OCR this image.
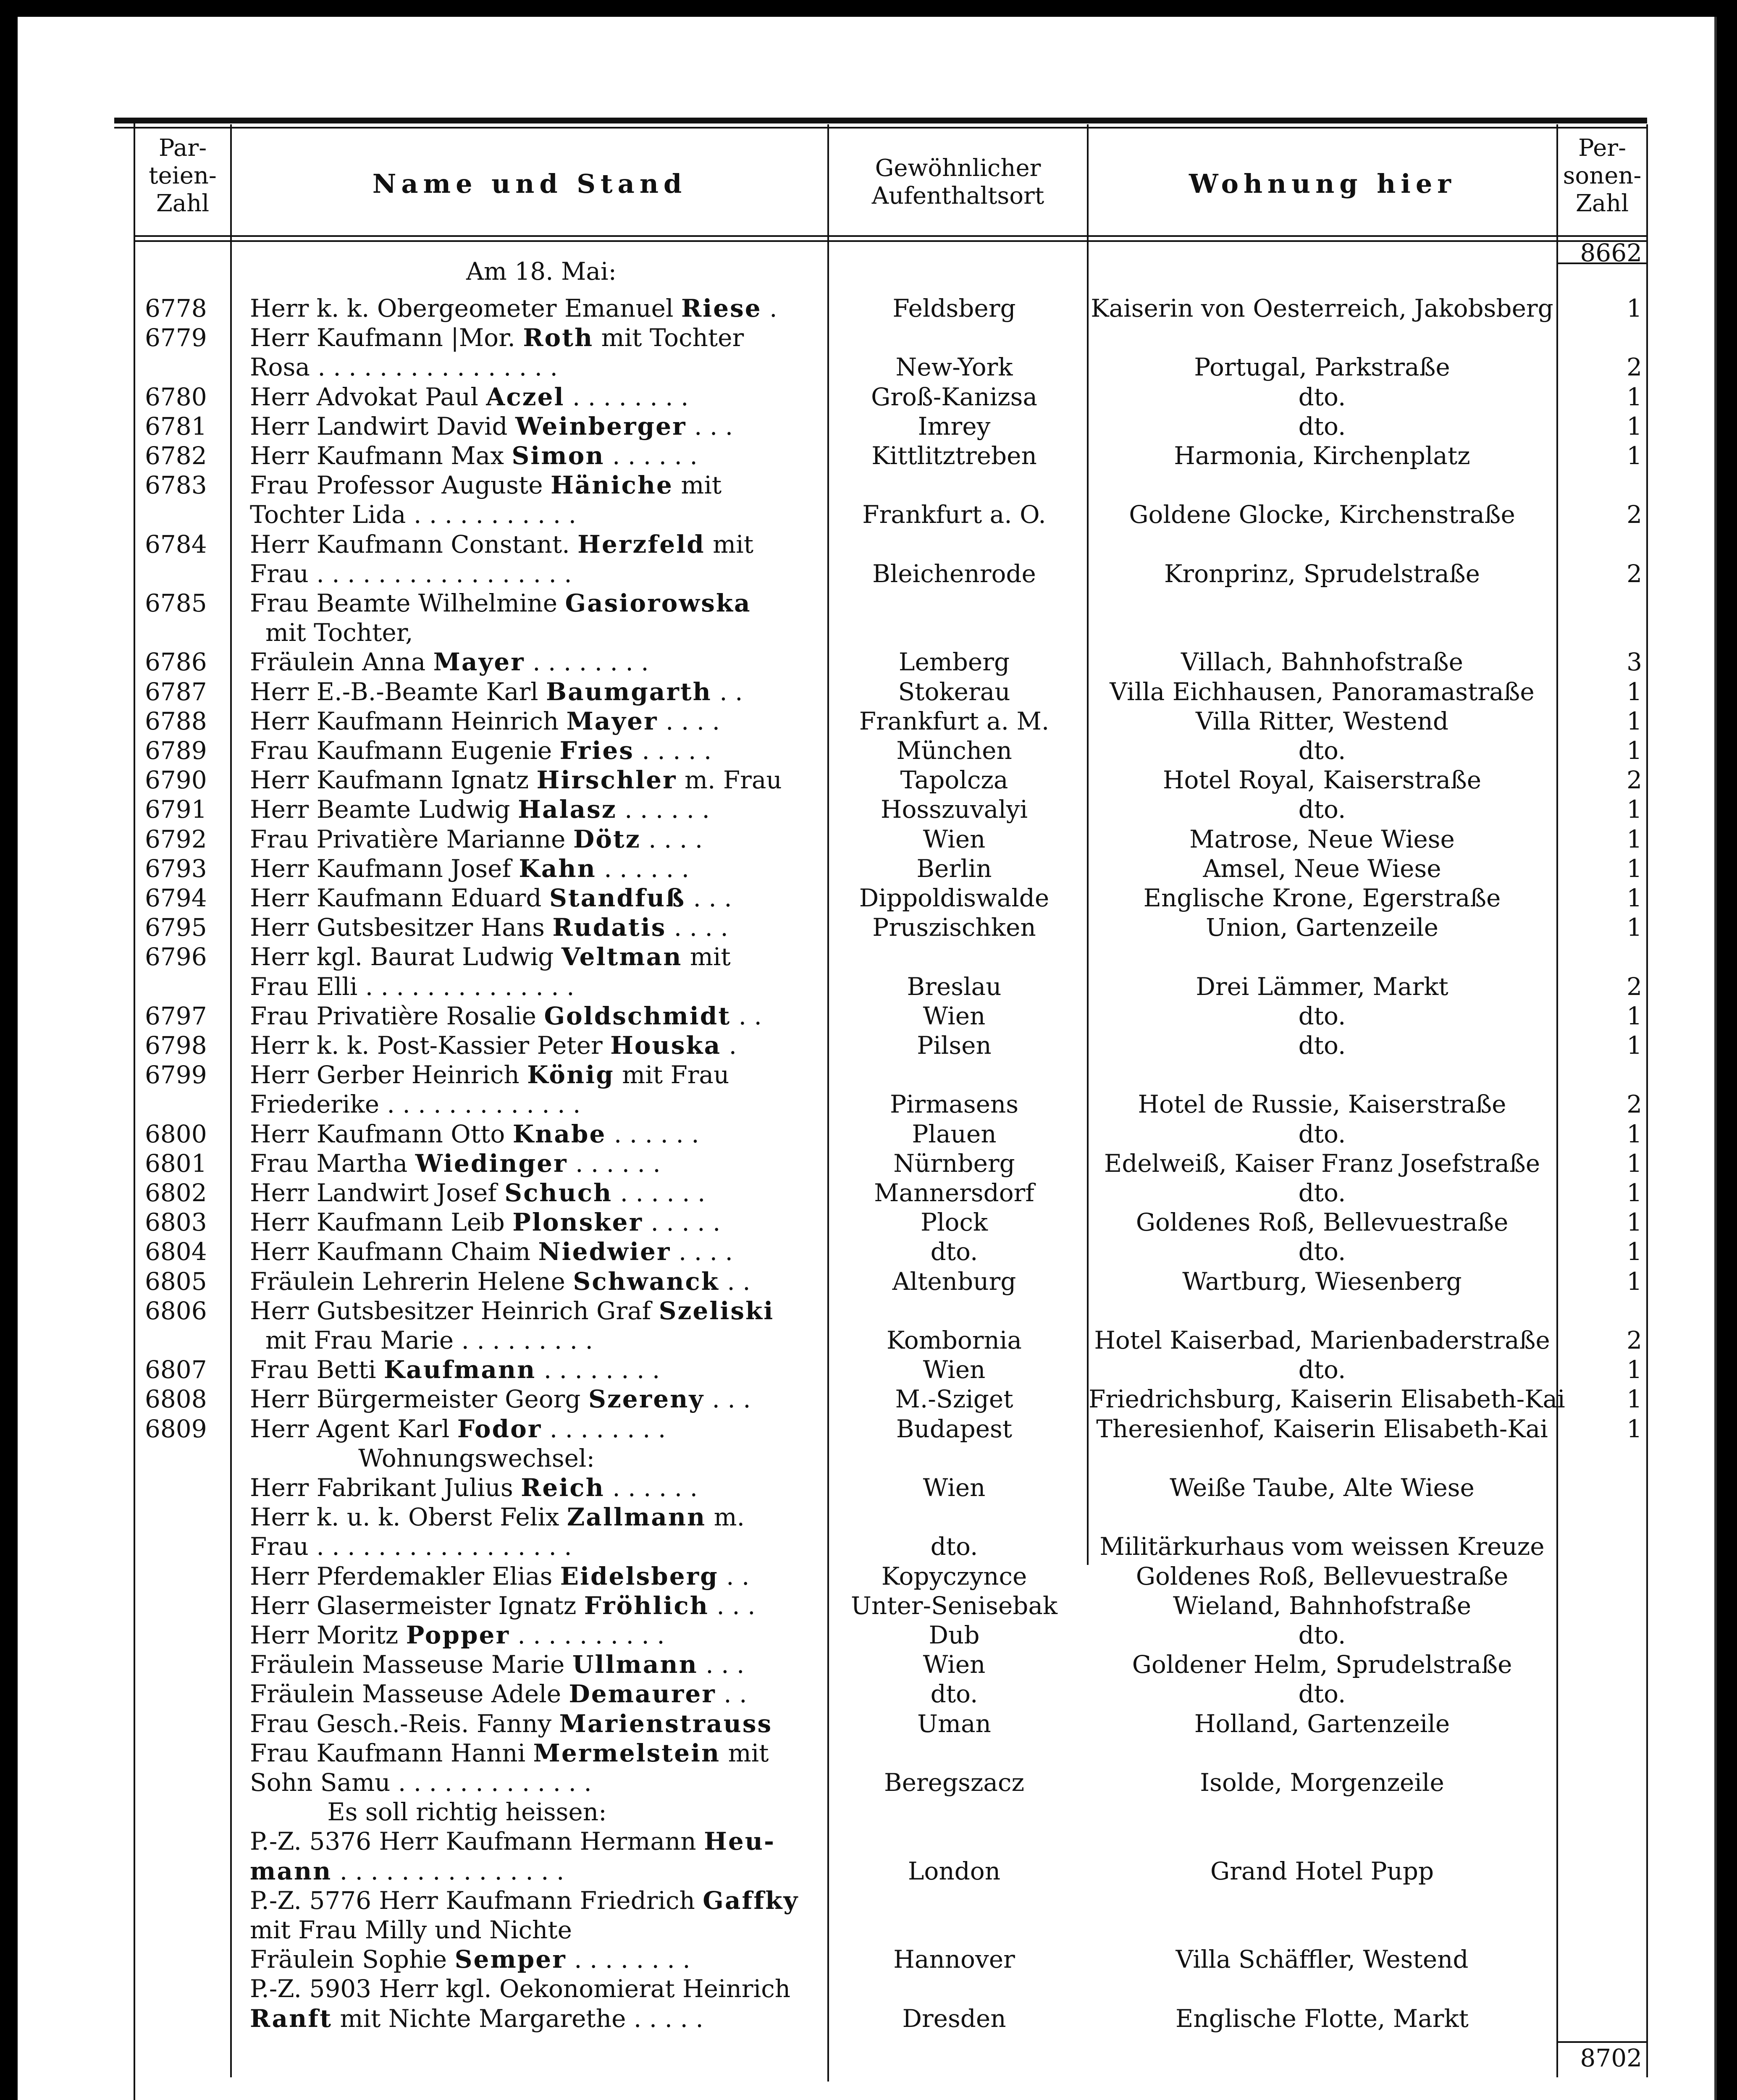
Par-
teien-
Zahl
Name und Stand
Gewöhnlicher
Aufenthaltsort	Wohnung hier
Per-
sonen-
Zahl
Am 18. Mai:
8662
6778	Herr k. k. Obergeometer Emanuel Riese .	Feldsberg	Kaiserin von Oesterreich, Jakobsberg	1
6779	Herr Kaufmann |Mor. Roth mit Tochter
Rosa . . . . . . . . . . . . . . . .	New-York	Portugal, Parkstraße	2
6780	Herr Advokat Paul Aczel . . . . . . . .	Groß-Kanizsa	dto.	1
6781	Herr Landwirt David Weinberger . . .	Imrey	dto.	1
6782	Herr Kaufmann Max Simon . . . . . .	Kittlitztreben	Harmonia, Kirchenplatz	1
6783	Frau Professor Auguste Häniche mit
Tochter Lida . . . . . . . . . . .	Frankfurt a. O.	Goldene Glocke, Kirchenstraße	2
6784	Herr Kaufmann Constant. Herzfeld mit
Frau . . . . . . . . . . . . . . . . .	Bleichenrode	Kronprinz, Sprudelstraße	2
6785	Frau Beamte Wilhelmine Gasiorowska
mit Tochter,
6786	Fräulein Anna Mayer . . . . . . . .	Lemberg	Villach, Bahnhofstraße	3
6787	Herr E.-B.-Beamte Karl Baumgarth . .	Stokerau	Villa Eichhausen, Panoramastraße	1
6788	Herr Kaufmann Heinrich Mayer . . . .	Frankfurt a. M.	Villa Ritter, Westend	1
6789	Frau Kaufmann Eugenie Fries . . . . .	München	dto.	1
6790	Herr Kaufmann Ignatz Hirschler m. Frau	Tapolcza	Hotel Royal, Kaiserstraße	2
6791	Herr Beamte Ludwig Halasz . . . . . .	Hosszuvalyi	dto.	1
6792	Frau Privatière Marianne Dötz . . . .	Wien	Matrose, Neue Wiese	1
6793	Herr Kaufmann Josef Kahn . . . . . .	Berlin	Amsel, Neue Wiese	1
6794	Herr Kaufmann Eduard Standfuß . . .	Dippoldiswalde	Englische Krone, Egerstraße	1
6795	Herr Gutsbesitzer Hans Rudatis . . . .	Pruszischken	Union, Gartenzeile	1
6796	Herr kgl. Baurat Ludwig Veltman mit
Frau Elli . . . . . . . . . . . . . .	Breslau	Drei Lämmer, Markt	2
6797	Frau Privatière Rosalie Goldschmidt . .	Wien	dto.	1
6798	Herr k. k. Post-Kassier Peter Houska .	Pilsen	dto.	1
6799	Herr Gerber Heinrich König mit Frau
Friederike . . . . . . . . . . . . .	Pirmasens	Hotel de Russie, Kaiserstraße	2
6800	Herr Kaufmann Otto Knabe . . . . . .	Plauen	dto.	1
6801	Frau Martha Wiedinger . . . . . .	Nürnberg	Edelweiß, Kaiser Franz Josefstraße	1
6802	Herr Landwirt Josef Schuch . . . . . .	Mannersdorf	dto.	1
6803	Herr Kaufmann Leib Plonsker . . . . .	Plock	Goldenes Roß, Bellevuestraße	1
6804	Herr Kaufmann Chaim Niedwier . . . .	dto.	dto.	1
6805	Fräulein Lehrerin Helene Schwanck . .	Altenburg	Wartburg, Wiesenberg	1
6806	Herr Gutsbesitzer Heinrich Graf Szeliski
mit Frau Marie . . . . . . . . .	Kombornia	Hotel Kaiserbad, Marienbaderstraße	2
6807	Frau Betti Kaufmann . . . . . . . .	Wien	dto.	1
6808	Herr Bürgermeister Georg Szereny . . .	M.-Sziget	Friedrichsburg, Kaiserin Elisabeth-Kai	1
6809	Herr Agent Karl Fodor . . . . . . . .	Budapest	Theresienhof, Kaiserin Elisabeth-Kai	1
Wohnungswechsel:
Herr Fabrikant Julius Reich . . . . . .	Wien	Weiße Taube, Alte Wiese
Herr k. u. k. Oberst Felix Zallmann m.
Frau . . . . . . . . . . . . . . . . .	dto.	Militärkurhaus vom weissen Kreuze
Herr Pferdemakler Elias Eidelsberg . .	Kopyczynce	Goldenes Roß, Bellevuestraße
Herr Glasermeister Ignatz Fröhlich . . .	Unter-Senisebak	Wieland, Bahnhofstraße
Herr Moritz Popper . . . . . . . . . .	Dub	dto.
Fräulein Masseuse Marie Ullmann . . .	Wien	Goldener Helm, Sprudelstraße
Fräulein Masseuse Adele Demaurer . .	dto.	dto.
Frau Gesch.-Reis. Fanny Marienstrauss	Uman	Holland, Gartenzeile
Frau Kaufmann Hanni Mermelstein mit
Sohn Samu . . . . . . . . . . . . .	Beregszacz	Isolde, Morgenzeile
Es soll richtig heissen:
P.-Z. 5376 Herr Kaufmann Hermann Heu-
mann . . . . . . . . . . . . . . .	London	Grand Hotel Pupp
P.-Z. 5776 Herr Kaufmann Friedrich Gaffky
mit Frau Milly und Nichte
Fräulein Sophie Semper . . . . . . . .	Hannover	Villa Schäffler, Westend
P.-Z. 5903 Herr kgl. Oekonomierat Heinrich
Ranft mit Nichte Margarethe . . . . .	Dresden	Englische Flotte, Markt
8702
